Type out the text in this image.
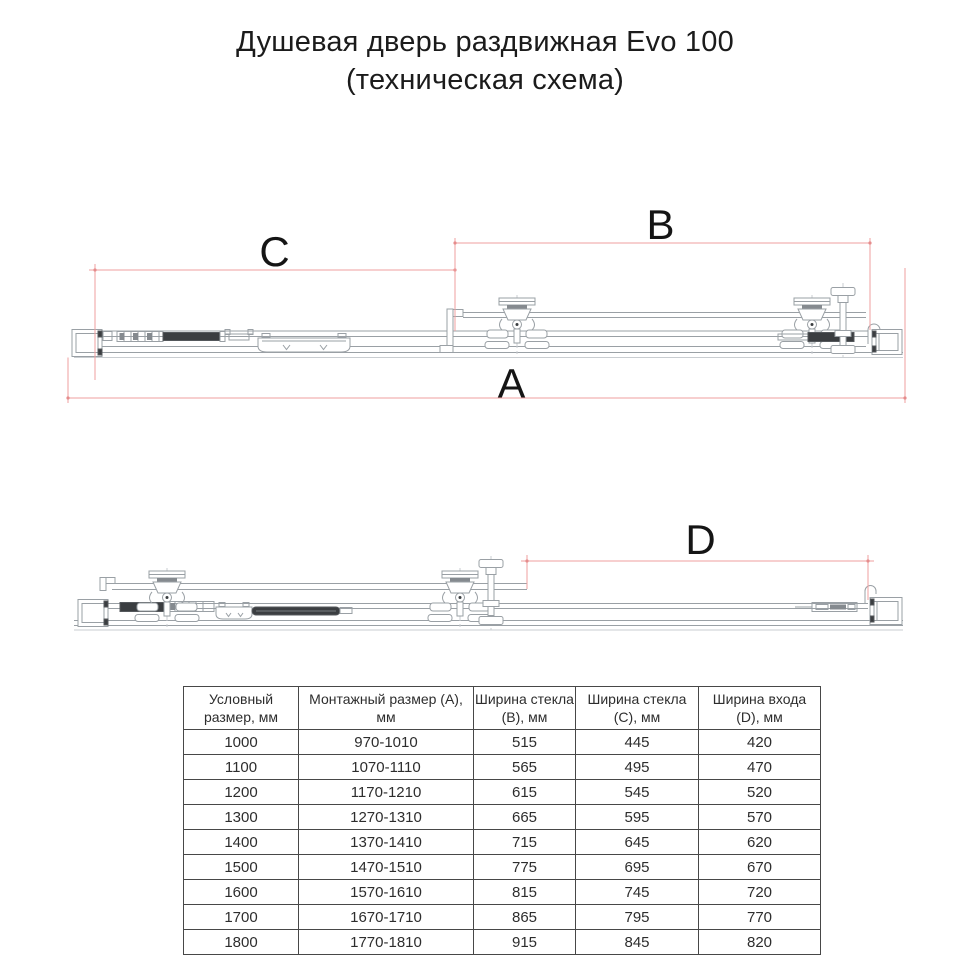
Душевая дверь раздвижная Evo 100
(техническая схема)
C
B
A
D
Условный размер, мм	Монтажный размер (A), мм	Ширина стекла (B), мм	Ширина стекла (C), мм	Ширина входа (D), мм
1000	970-1010	515	445	420
1100	1070-1110	565	495	470
1200	1170-1210	615	545	520
1300	1270-1310	665	595	570
1400	1370-1410	715	645	620
1500	1470-1510	775	695	670
1600	1570-1610	815	745	720
1700	1670-1710	865	795	770
1800	1770-1810	915	845	820
